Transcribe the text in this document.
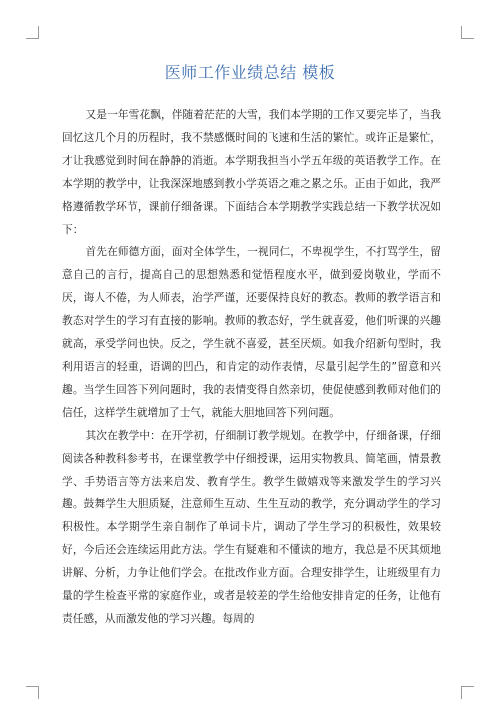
医师工作业绩总结 模板

又是一年雪花飘，伴随着茫茫的大雪，我们本学期的工作又要完毕了，当我回忆这几个月的历程时，我不禁感慨时间的飞速和生活的繁忙。或许正是繁忙，才让我感觉到时间在静静的消逝。本学期我担当小学五年级的英语教学工作。在本学期的教学中，让我深深地感到教小学英语之难之累之乐。正由于如此，我严格遵循教学环节，课前仔细备课。下面结合本学期教学实践总结一下教学状况如下：

首先在师德方面，面对全体学生，一视同仁，不卑视学生，不打骂学生，留意自己的言行，提高自己的思想熟悉和觉悟程度水平，做到爱岗敬业，学而不厌，诲人不倦，为人师表，治学严谨，还要保持良好的教态。教师的教学语言和教态对学生的学习有直接的影响。教师的教态好，学生就喜爱，他们听课的兴趣就高，承受学问也快。反之，学生就不喜爱，甚至厌烦。如我介绍新句型时，我利用语言的轻重，语调的凹凸，和肯定的动作表情，尽量引起学生的”留意和兴趣。当学生回答下列问题时，我的表情变得自然亲切，使促使感到教师对他们的信任，这样学生就增加了士气，就能大胆地回答下列问题。

其次在教学中：在开学初，仔细制订教学规划。在教学中，仔细备课，仔细阅读各种教科参考书，在课堂教学中仔细授课，运用实物教具、简笔画，情景教学、手势语言等方法来启发、教育学生。教学生做嬉戏等来激发学生的学习兴趣。鼓舞学生大胆质疑，注意师生互动、生生互动的教学，充分调动学生的学习积极性。本学期学生亲自制作了单词卡片，调动了学生学习的积极性，效果较好，今后还会连续运用此方法。学生有疑难和不懂读的地方，我总是不厌其烦地讲解、分析，力争让他们学会。在批改作业方面。合理安排学生，让班级里有力量的学生检查平常的家庭作业，或者是较差的学生给他安排肯定的任务，让他有责任感，从而激发他的学习兴趣。每周的
